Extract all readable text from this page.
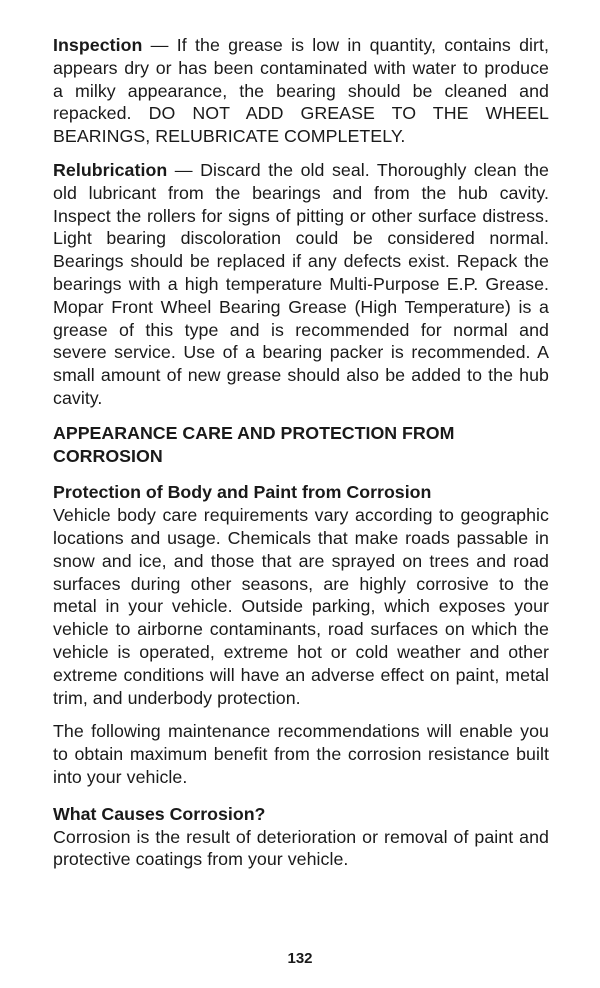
Inspection — If the grease is low in quantity, contains dirt, appears dry or has been contaminated with water to produce a milky appearance, the bearing should be cleaned and repacked. DO NOT ADD GREASE TO THE WHEEL BEARINGS, RELUBRICATE COMPLETELY.

Relubrication — Discard the old seal. Thoroughly clean the old lubricant from the bearings and from the hub cavity. Inspect the rollers for signs of pitting or other surface distress. Light bearing discoloration could be considered normal. Bearings should be replaced if any defects exist. Repack the bearings with a high temperature Multi-Purpose E.P. Grease. Mopar Front Wheel Bearing Grease (High Temperature) is a grease of this type and is recommended for normal and severe service. Use of a bearing packer is recommended. A small amount of new grease should also be added to the hub cavity.

APPEARANCE CARE AND PROTECTION FROM CORROSION
Protection of Body and Paint from Corrosion

Vehicle body care requirements vary according to geographic locations and usage. Chemicals that make roads passable in snow and ice, and those that are sprayed on trees and road surfaces during other seasons, are highly corrosive to the metal in your vehicle. Outside parking, which exposes your vehicle to airborne contaminants, road surfaces on which the vehicle is operated, extreme hot or cold weather and other extreme conditions will have an adverse effect on paint, metal trim, and underbody protection.

The following maintenance recommendations will enable you to obtain maximum benefit from the corrosion resistance built into your vehicle.

What Causes Corrosion?

Corrosion is the result of deterioration or removal of paint and protective coatings from your vehicle.

132
